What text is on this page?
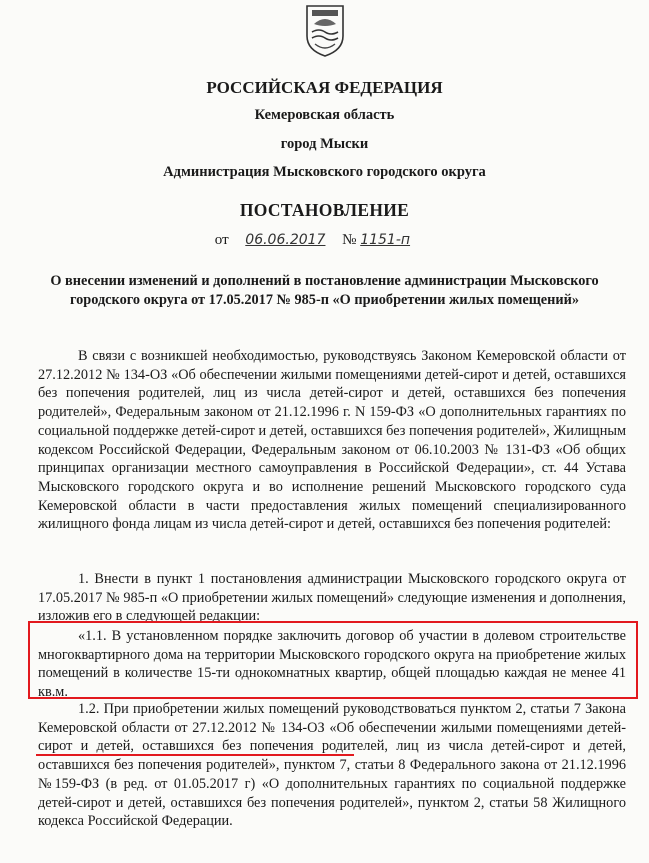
РОССИЙСКАЯ ФЕДЕРАЦИЯ
Кемеровская область
город Мыски
Администрация Мысковского городского округа
ПОСТАНОВЛЕНИЕ
от 06.06.2017 № 1151-п
О внесении изменений и дополнений в постановление администрации Мысковского городского округа от 17.05.2017 № 985-п «О приобретении жилых помещений»

В связи с возникшей необходимостью, руководствуясь Законом Кемеровской области от 27.12.2012 № 134-ОЗ «Об обеспечении жилыми помещениями детей-сирот и детей, оставшихся без попечения родителей, лиц из числа детей-сирот и детей, оставшихся без попечения родителей», Федеральным законом от 21.12.1996 г. N 159-ФЗ «О дополнительных гарантиях по социальной поддержке детей-сирот и детей, оставшихся без попечения родителей», Жилищным кодексом Российской Федерации, Федеральным законом от 06.10.2003 № 131-ФЗ «Об общих принципах организации местного самоуправления в Российской Федерации», ст. 44 Устава Мысковского городского округа и во исполнение решений Мысковского городского суда Кемеровской области в части предоставления жилых помещений специализированного жилищного фонда лицам из числа детей-сирот и детей, оставшихся без попечения родителей:

1. Внести в пункт 1 постановления администрации Мысковского городского округа от 17.05.2017 № 985-п «О приобретении жилых помещений» следующие изменения и дополнения, изложив его в следующей редакции:

«1.1. В установленном порядке заключить договор об участии в долевом строительстве многоквартирного дома на территории Мысковского городского округа на приобретение жилых помещений в количестве 15-ти однокомнатных квартир, общей площадью каждая не менее 41 кв.м.

1.2. При приобретении жилых помещений руководствоваться пунктом 2, статьи 7 Закона Кемеровской области от 27.12.2012 № 134-ОЗ «Об обеспечении жилыми помещениями детей-сирот и детей, оставшихся без попечения родителей, лиц из числа детей-сирот и детей, оставшихся без попечения родителей», пунктом 7, статьи 8 Федерального закона от 21.12.1996 №159-ФЗ (в ред. от 01.05.2017 г) «О дополнительных гарантиях по социальной поддержке детей-сирот и детей, оставшихся без попечения родителей», пунктом 2, статьи 58 Жилищного кодекса Российской Федерации.
